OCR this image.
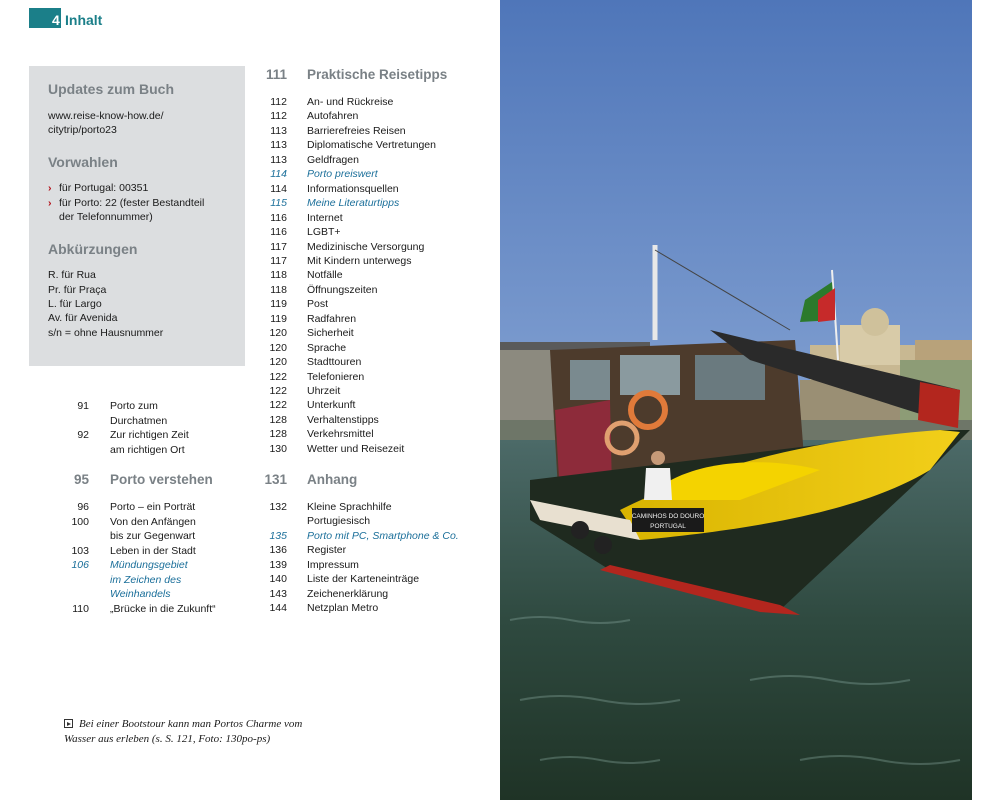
4 Inhalt
Updates zum Buch
www.reise-know-how.de/
citytrip/porto23
Vorwahlen
› für Portugal: 00351
› für Porto: 22 (fester Bestandteil
der Telefonnummer)
Abkürzungen
R. für Rua
Pr. für Praça
L. für Largo
Av. für Avenida
s/n = ohne Hausnummer
91 Porto zum
Durchatmen
92 Zur richtigen Zeit
am richtigen Ort
95 Porto verstehen
96 Porto – ein Porträt
100 Von den Anfängen
bis zur Gegenwart
103 Leben in der Stadt
106 Mündungsgebiet
im Zeichen des
Weinhandels
110 „Brücke in die Zukunft“
111 Praktische Reisetipps
112 An- und Rückreise
112 Autofahren
113 Barrierefreies Reisen
113 Diplomatische Vertretungen
113 Geldfragen
114 Porto preiswert
114 Informationsquellen
115 Meine Literaturtipps
116 Internet
116 LGBT+
117 Medizinische Versorgung
117 Mit Kindern unterwegs
118 Notfälle
118 Öffnungszeiten
119 Post
119 Radfahren
120 Sicherheit
120 Sprache
120 Stadttouren
122 Telefonieren
122 Uhrzeit
122 Unterkunft
128 Verhaltenstipps
128 Verkehrsmittel
130 Wetter und Reisezeit
131 Anhang
132 Kleine Sprachhilfe
Portugiesisch
135 Porto mit PC, Smartphone & Co.
136 Register
139 Impressum
140 Liste der Karteneinträge
143 Zeichenerklärung
144 Netzplan Metro
Bei einer Bootstour kann man Portos Charme vom Wasser aus erleben (s. S. 121, Foto: 130po-ps)
CAMINHOS DO DOURO
PORTUGAL
